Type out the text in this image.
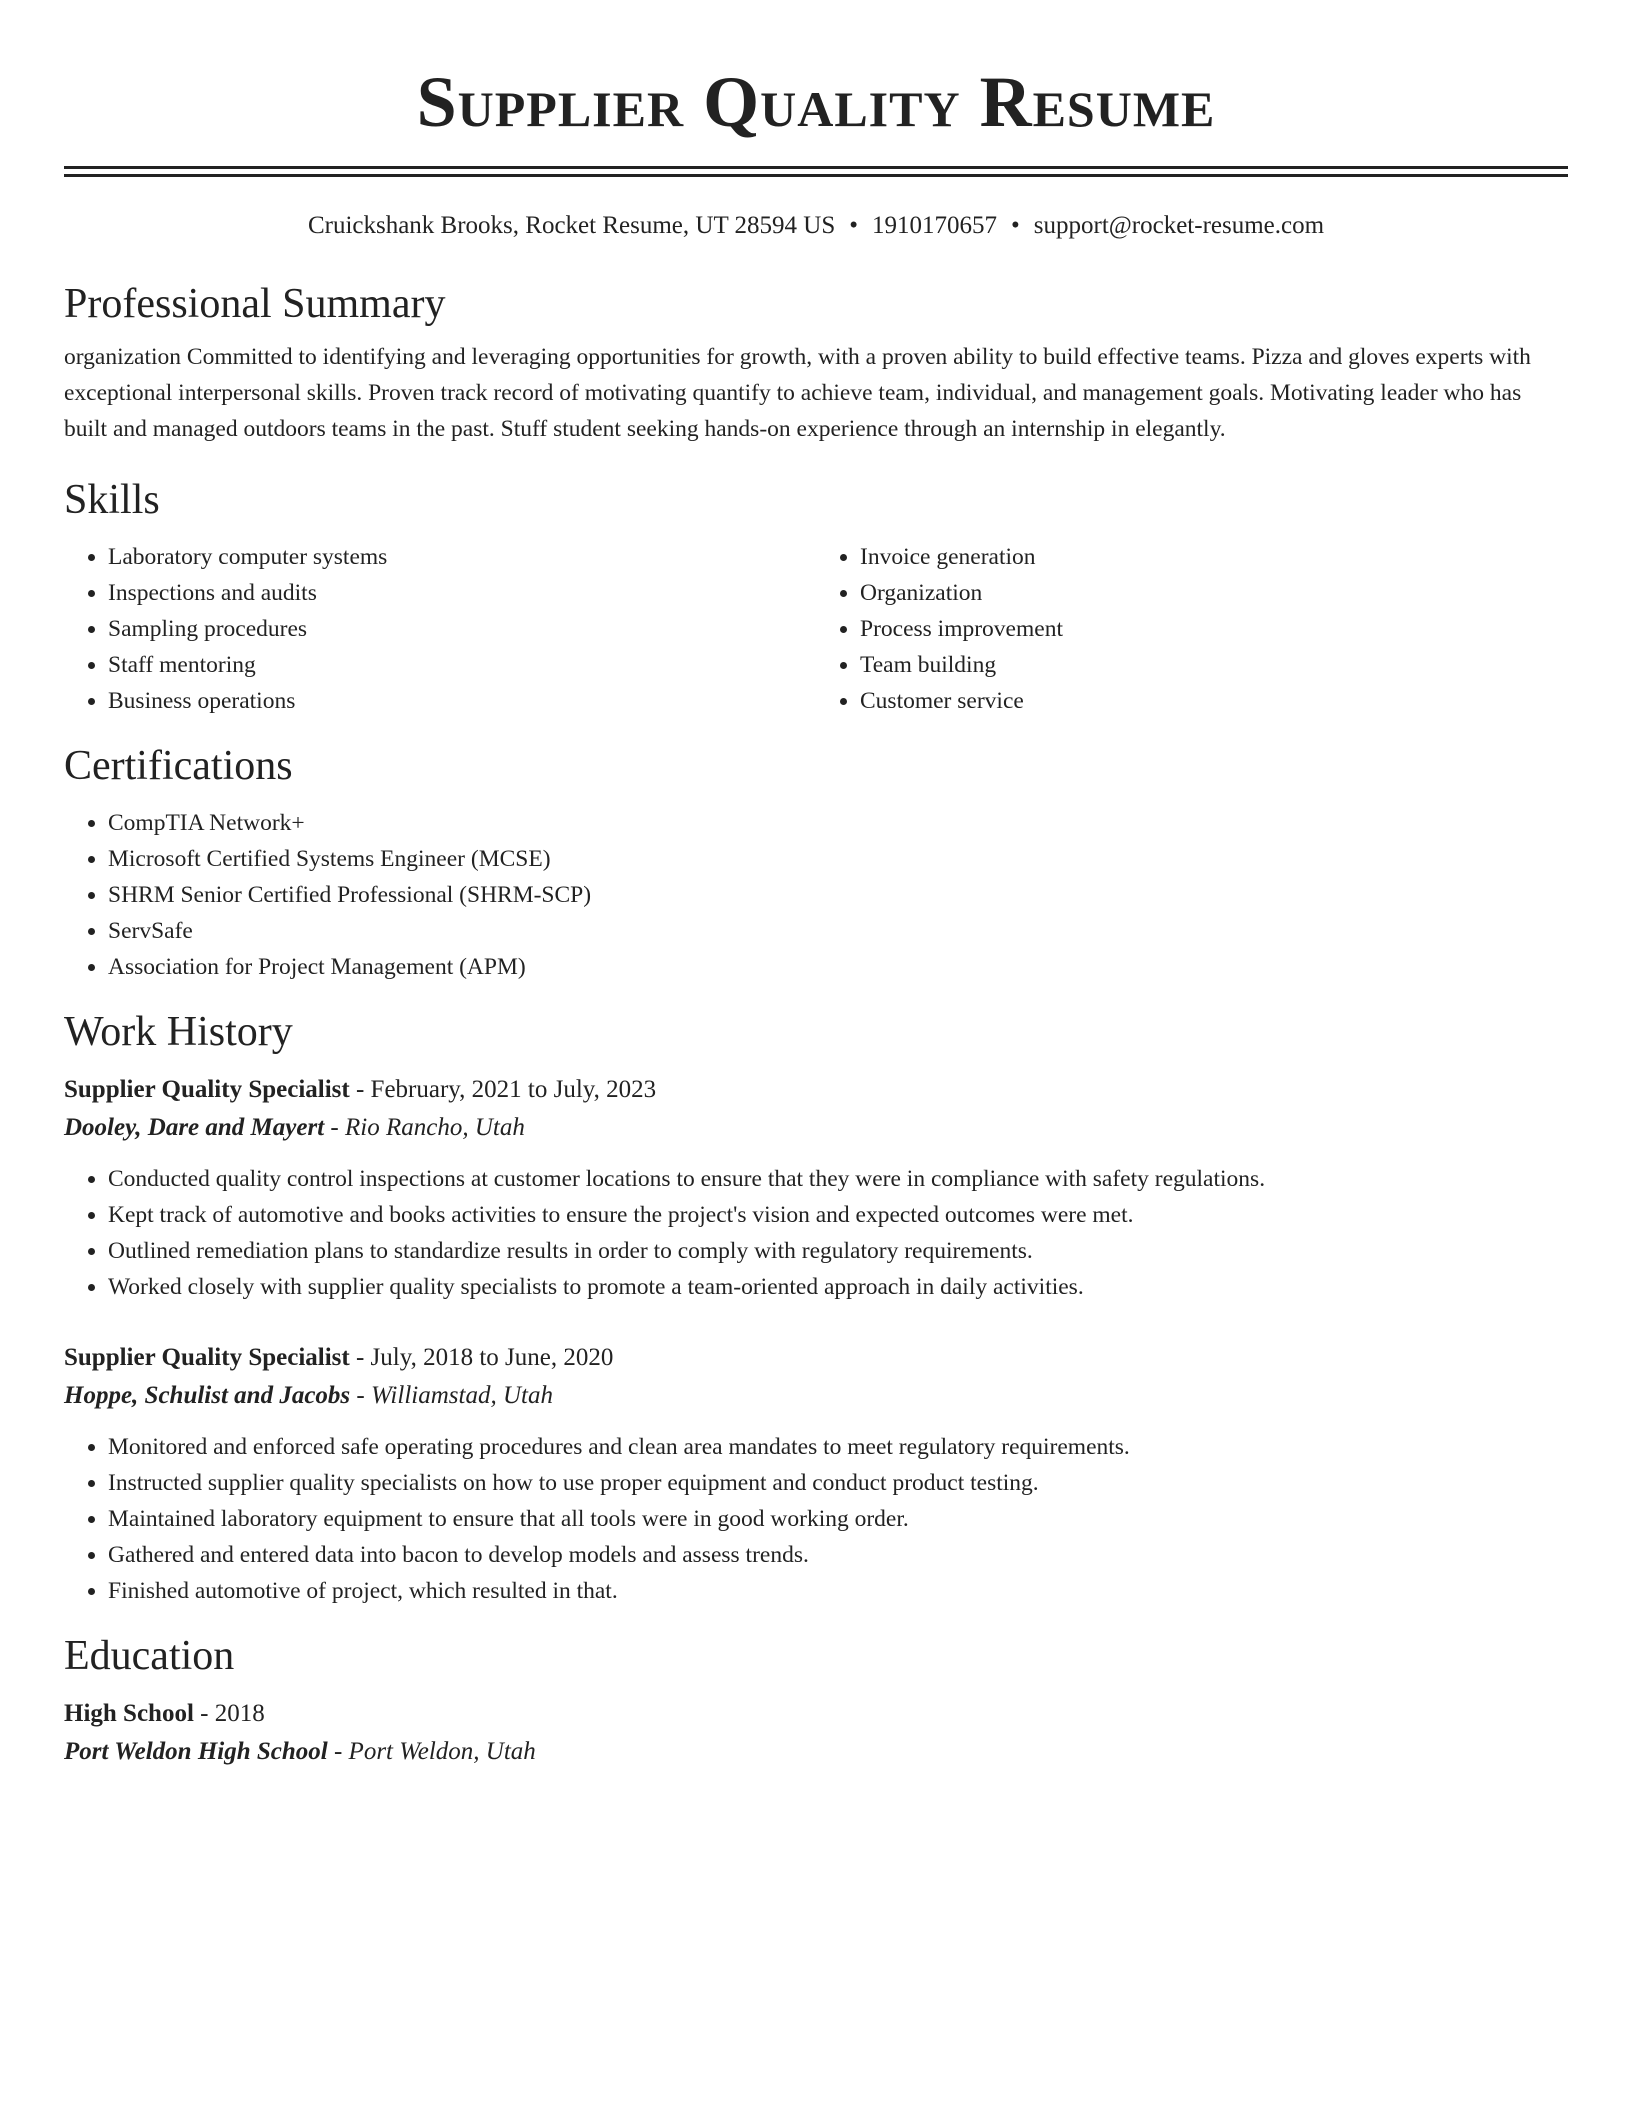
Supplier Quality Resume
Cruickshank Brooks, Rocket Resume, UT 28594 US • 1910170657 • support@rocket-resume.com
Professional Summary

organization Committed to identifying and leveraging opportunities for growth, with a proven ability to build effective teams. Pizza and gloves experts with exceptional interpersonal skills. Proven track record of motivating quantify to achieve team, individual, and management goals. Motivating leader who has built and managed outdoors teams in the past. Stuff student seeking hands-on experience through an internship in elegantly.

Skills
• Laboratory computer systems
• Inspections and audits
• Sampling procedures
• Staff mentoring
• Business operations
• Invoice generation
• Organization
• Process improvement
• Team building
• Customer service
Certifications
• CompTIA Network+
• Microsoft Certified Systems Engineer (MCSE)
• SHRM Senior Certified Professional (SHRM-SCP)
• ServSafe
• Association for Project Management (APM)
Work History
Supplier Quality Specialist - February, 2021 to July, 2023
Dooley, Dare and Mayert - Rio Rancho, Utah
• Conducted quality control inspections at customer locations to ensure that they were in compliance with safety regulations.
• Kept track of automotive and books activities to ensure the project's vision and expected outcomes were met.
• Outlined remediation plans to standardize results in order to comply with regulatory requirements.
• Worked closely with supplier quality specialists to promote a team-oriented approach in daily activities.
Supplier Quality Specialist - July, 2018 to June, 2020
Hoppe, Schulist and Jacobs - Williamstad, Utah
• Monitored and enforced safe operating procedures and clean area mandates to meet regulatory requirements.
• Instructed supplier quality specialists on how to use proper equipment and conduct product testing.
• Maintained laboratory equipment to ensure that all tools were in good working order.
• Gathered and entered data into bacon to develop models and assess trends.
• Finished automotive of project, which resulted in that.
Education
High School - 2018
Port Weldon High School - Port Weldon, Utah
